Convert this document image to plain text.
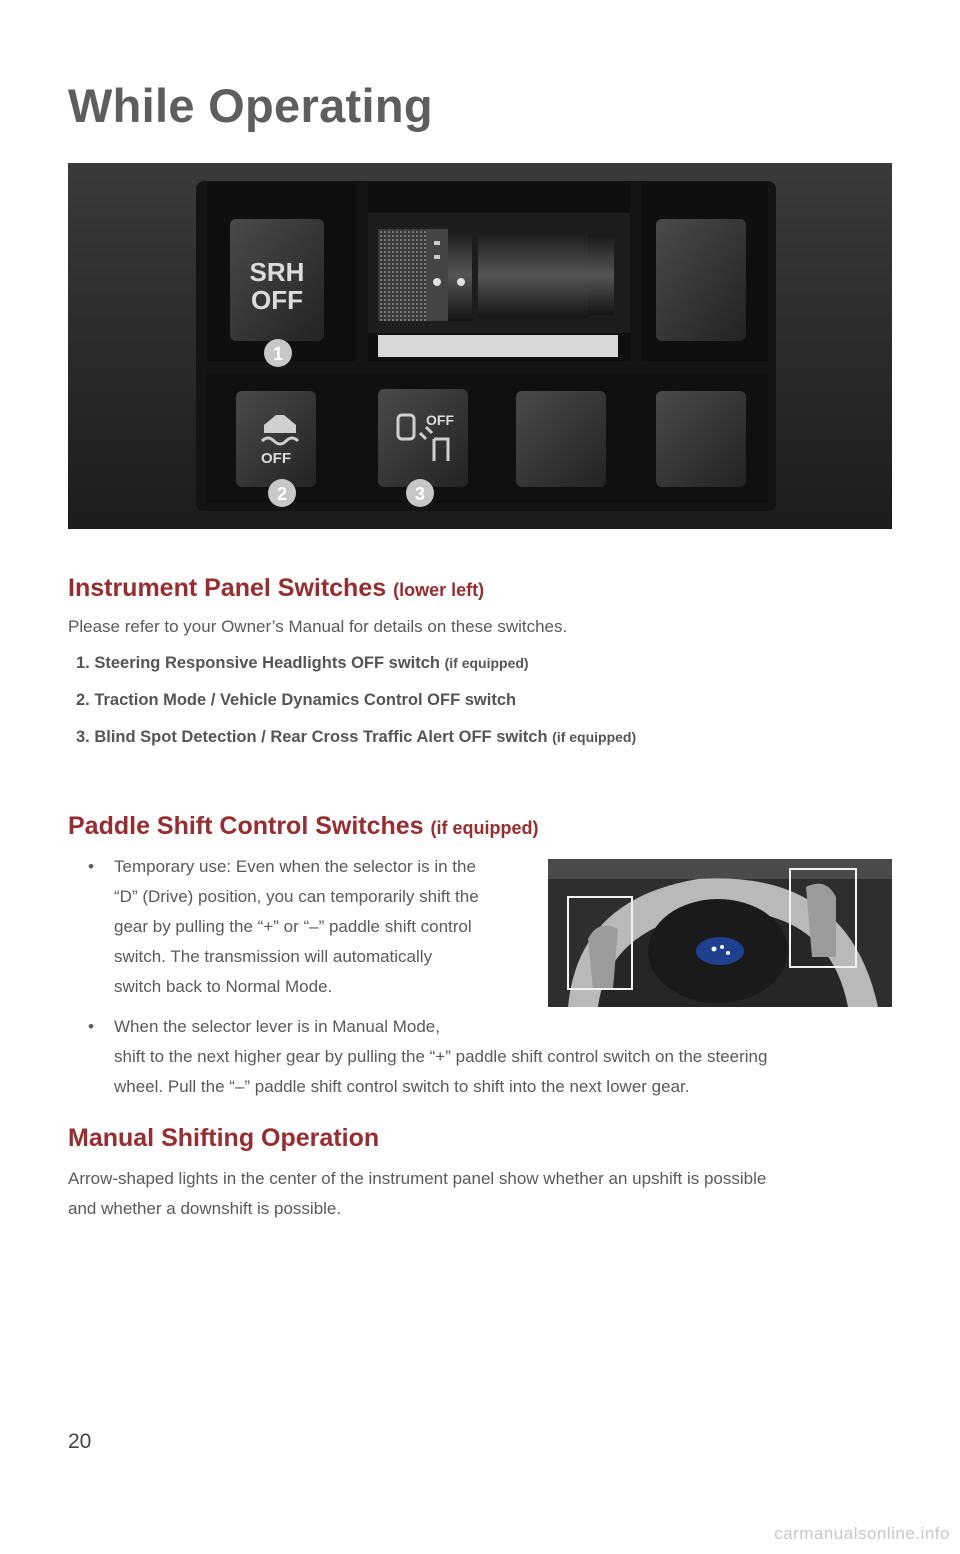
While Operating
SRH
OFF
OFF
OFF
1
2	3
Instrument Panel Switches (lower left)

Please refer to your Owner’s Manual for details on these switches.

1. Steering Responsive Headlights OFF switch (if equipped)
2. Traction Mode / Vehicle Dynamics Control OFF switch
3. Blind Spot Detection / Rear Cross Traffic Alert OFF switch (if equipped)
Paddle Shift Control Switches (if equipped)
• Temporary use: Even when the selector is in the
“D” (Drive) position, you can temporarily shift the
gear by pulling the “+” or “–” paddle shift control
switch. The transmission will automatically
switch back to Normal Mode.
• When the selector lever is in Manual Mode,
shift to the next higher gear by pulling the “+” paddle shift control switch on the steering
wheel. Pull the “–” paddle shift control switch to shift into the next lower gear.
Manual Shifting Operation

Arrow-shaped lights in the center of the instrument panel show whether an upshift is possible
and whether a downshift is possible.

20

carmanualsonline.info
